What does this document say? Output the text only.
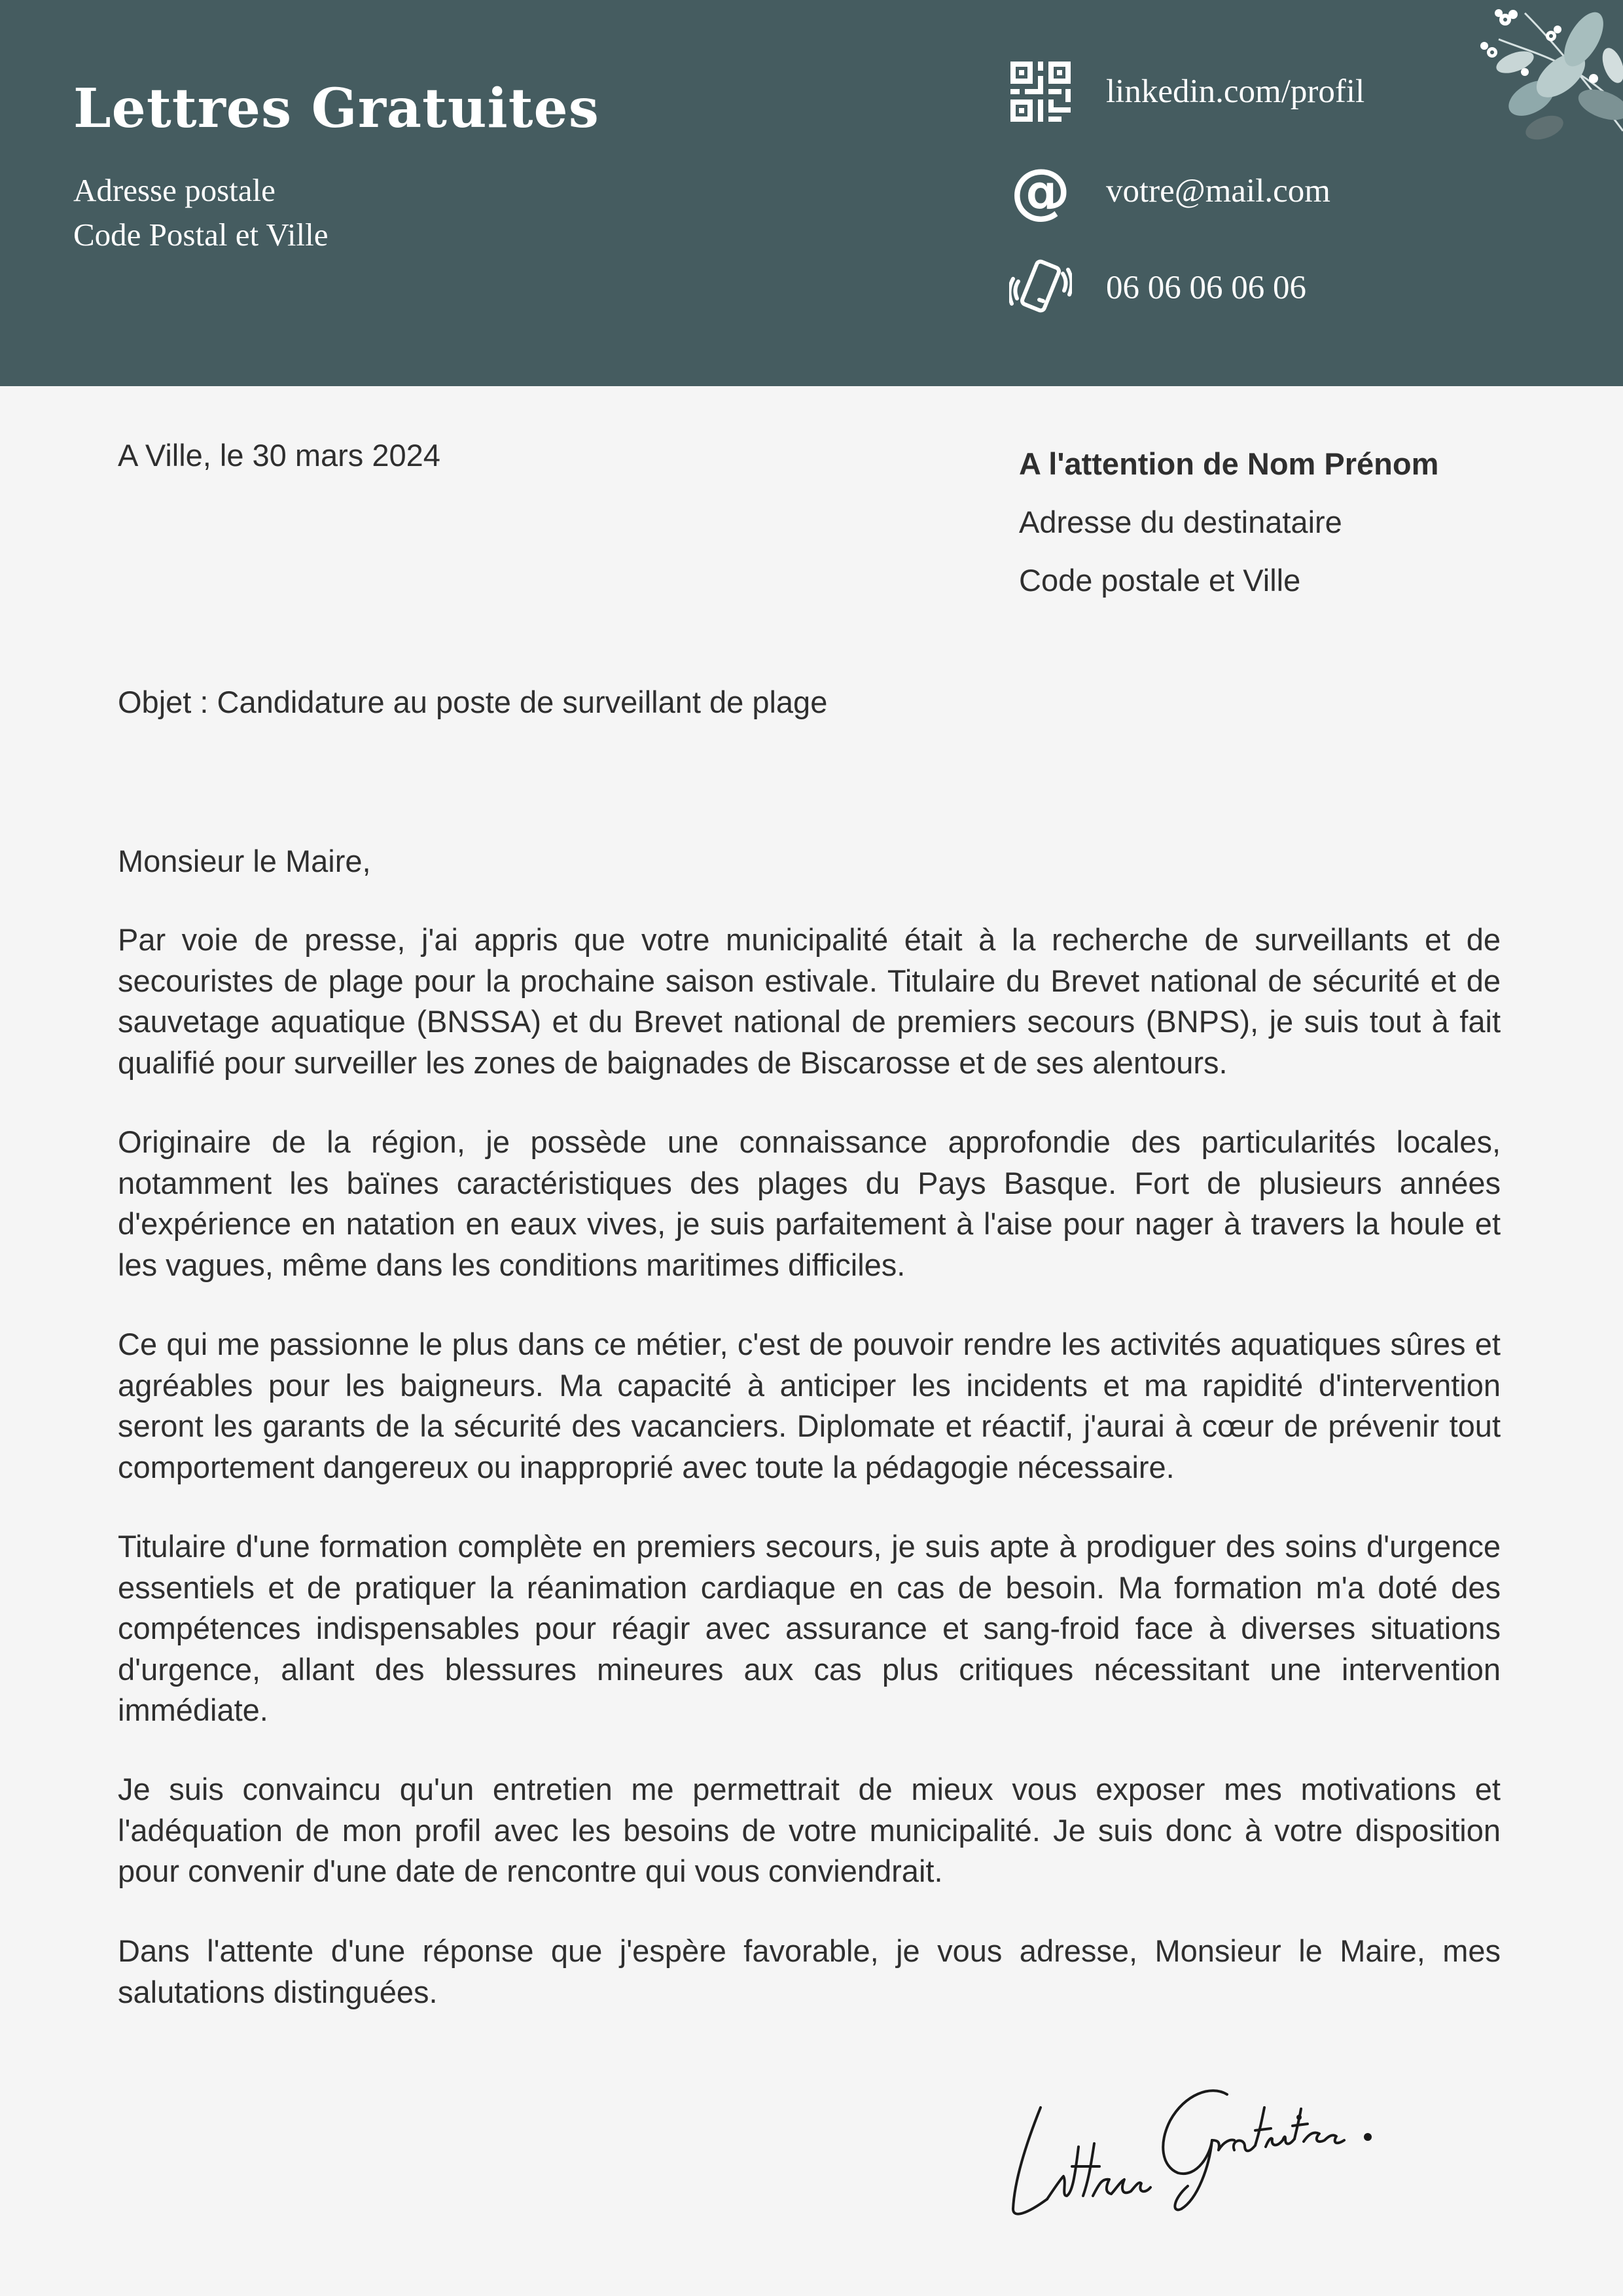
Lettres Gratuites
Adresse postale
Code Postal et Ville
linkedin.com/profil
@ votre@mail.com
06 06 06 06 06
A Ville, le 30 mars 2024	A l'attention de Nom Prénom
Adresse du destinataire
Code postale et Ville
Objet : Candidature au poste de surveillant de plage
Monsieur le Maire,
Par voie de presse, j'ai appris que votre municipalité était à la recherche de surveillants et de secouristes de plage pour la prochaine saison estivale. Titulaire du Brevet national de sécurité et de sauvetage aquatique (BNSSA) et du Brevet national de premiers secours (BNPS), je suis tout à fait qualifié pour surveiller les zones de baignades de Biscarosse et de ses alentours.
Originaire de la région, je possède une connaissance approfondie des particularités locales, notamment les baïnes caractéristiques des plages du Pays Basque. Fort de plusieurs années d'expérience en natation en eaux vives, je suis parfaitement à l'aise pour nager à travers la houle et les vagues, même dans les conditions maritimes difficiles.
Ce qui me passionne le plus dans ce métier, c'est de pouvoir rendre les activités aquatiques sûres et agréables pour les baigneurs. Ma capacité à anticiper les incidents et ma rapidité d'intervention seront les garants de la sécurité des vacanciers. Diplomate et réactif, j'aurai à cœur de prévenir tout comportement dangereux ou inapproprié avec toute la pédagogie nécessaire.
Titulaire d'une formation complète en premiers secours, je suis apte à prodiguer des soins d'urgence essentiels et de pratiquer la réanimation cardiaque en cas de besoin. Ma formation m'a doté des compétences indispensables pour réagir avec assurance et sang-froid face à diverses situations d'urgence, allant des blessures mineures aux cas plus critiques nécessitant une intervention immédiate.
Je suis convaincu qu'un entretien me permettrait de mieux vous exposer mes motivations et l'adéquation de mon profil avec les besoins de votre municipalité. Je suis donc à votre disposition pour convenir d'une date de rencontre qui vous conviendrait.
Dans l'attente d'une réponse que j'espère favorable, je vous adresse, Monsieur le Maire, mes salutations distinguées.
